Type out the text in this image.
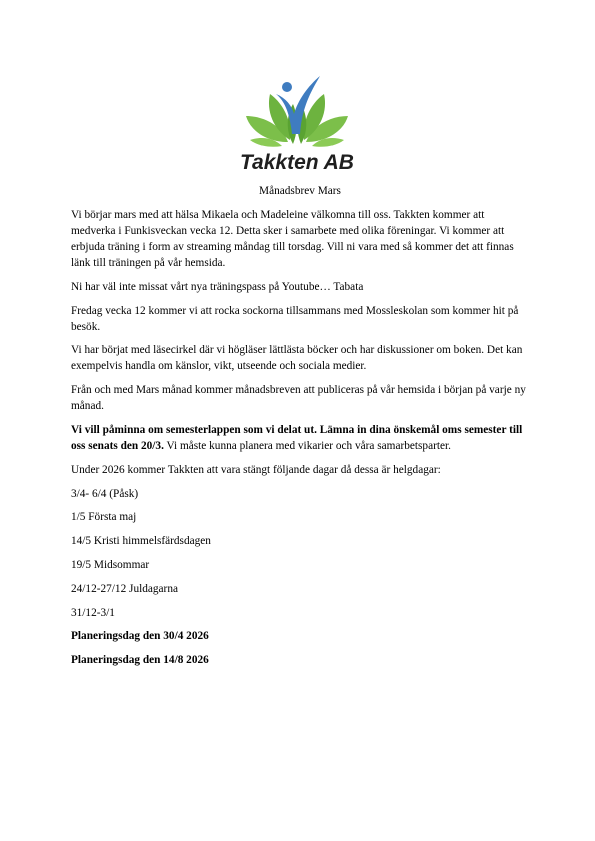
Takkten AB
Månadsbrev Mars

Vi börjar mars med att hälsa Mikaela och Madeleine välkomna till oss. Takkten kommer att medverka i Funkisveckan vecka 12. Detta sker i samarbete med olika föreningar. Vi kommer att erbjuda träning i form av streaming måndag till torsdag. Vill ni vara med så kommer det att finnas länk till träningen på vår hemsida.

Ni har väl inte missat vårt nya träningspass på Youtube… Tabata

Fredag vecka 12 kommer vi att rocka sockorna tillsammans med Mossleskolan som kommer hit på besök.

Vi har börjat med läsecirkel där vi högläser lättlästa böcker och har diskussioner om boken. Det kan exempelvis handla om känslor, vikt, utseende och sociala medier.

Från och med Mars månad kommer månadsbreven att publiceras på vår hemsida i början på varje ny månad.

Vi vill påminna om semesterlappen som vi delat ut. Lämna in dina önskemål oms semester till oss senats den 20/3. Vi måste kunna planera med vikarier och våra samarbetsparter.

Under 2026 kommer Takkten att vara stängt följande dagar då dessa är helgdagar:

3/4- 6/4 (Påsk)

1/5 Första maj

14/5 Kristi himmelsfärdsdagen

19/5 Midsommar

24/12-27/12 Juldagarna

31/12-3/1

Planeringsdag den 30/4 2026

Planeringsdag den 14/8 2026
